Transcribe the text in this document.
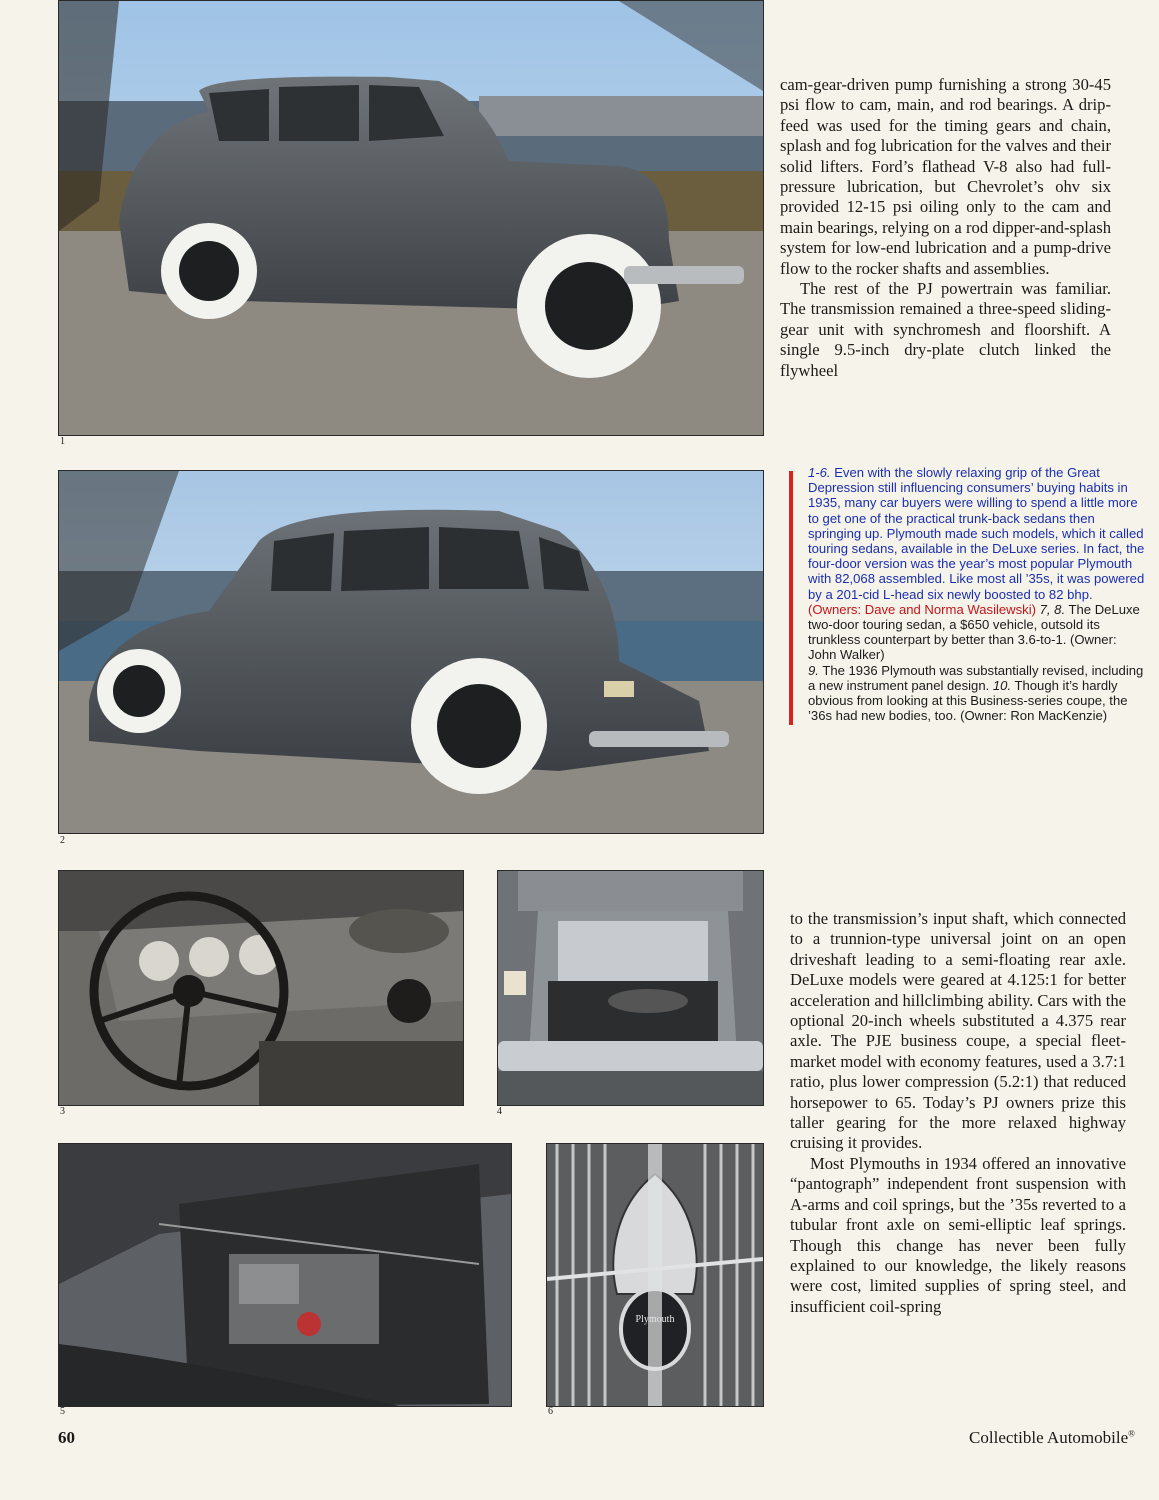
1
2
3	4
5
Plymouth
6

cam-gear-driven pump furnishing a strong 30-45 psi flow to cam, main, and rod bearings. A drip-feed was used for the timing gears and chain, splash and fog lubrication for the valves and their solid lifters. Ford’s flathead V-8 also had full-pressure lubrication, but Chevrolet’s ohv six provided 12-15 psi oiling only to the cam and main bearings, relying on a rod dipper-and-splash system for low-end lubrication and a pump-drive flow to the rocker shafts and assemblies.

The rest of the PJ powertrain was familiar. The transmission remained a three-speed sliding-gear unit with synchromesh and floorshift. A single 9.5-inch dry-plate clutch linked the flywheel

1-6. Even with the slowly relaxing grip of the Great Depression still influencing consumers’ buying habits in 1935, many car buyers were willing to spend a little more to get one of the practical trunk-back sedans then springing up. Plymouth made such models, which it called touring sedans, available in the DeLuxe series. In fact, the four-door version was the year’s most popular Plymouth with 82,068 assembled. Like most all ’35s, it was powered by a 201-cid L-head six newly boosted to 82 bhp. (Owners: Dave and Norma Wasilewski) 7, 8. The DeLuxe two-door touring sedan, a $650 vehicle, outsold its trunkless counterpart by better than 3.6-to-1. (Owner: John Walker)
9. The 1936 Plymouth was substantially revised, including a new instrument panel design. 10. Though it’s hardly obvious from looking at this Business-series coupe, the ’36s had new bodies, too. (Owner: Ron MacKenzie)

to the transmission’s input shaft, which connected to a trunnion-type universal joint on an open driveshaft leading to a semi-floating rear axle. DeLuxe models were geared at 4.125:1 for better acceleration and hillclimbing ability. Cars with the optional 20-inch wheels substituted a 4.375 rear axle. The PJE business coupe, a special fleet-market model with economy features, used a 3.7:1 ratio, plus lower compression (5.2:1) that reduced horsepower to 65. Today’s PJ owners prize this taller gearing for the more relaxed highway cruising it provides.

Most Plymouths in 1934 offered an innovative “pantograph” independent front suspension with A-arms and coil springs, but the ’35s reverted to a tubular front axle on semi-elliptic leaf springs. Though this change has never been fully explained to our knowledge, the likely reasons were cost, limited supplies of spring steel, and insufficient coil-spring

60	Collectible Automobile®
